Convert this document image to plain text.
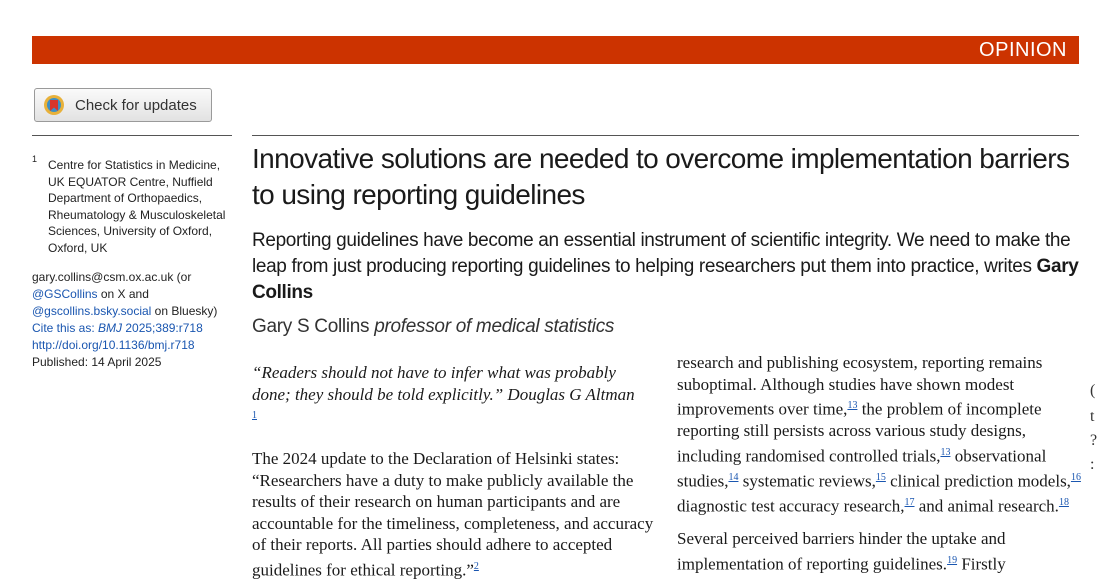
OPINION
Check for updates
1 Centre for Statistics in Medicine, UK EQUATOR Centre, Nuffield Department of Orthopaedics, Rheumatology & Musculoskeletal Sciences, University of Oxford, Oxford, UK
gary.collins@csm.ox.ac.uk (or
@GSCollins on X and
@gscollins.bsky.social on Bluesky)
Cite this as: BMJ 2025;389:r718
http://doi.org/10.1136/bmj.r718
Published: 14 April 2025
Innovative solutions are needed to overcome implementation barriers to using reporting guidelines
Reporting guidelines have become an essential instrument of scientific integrity. We need to make the leap from just producing reporting guidelines to helping researchers put them into practice, writes Gary Collins
Gary S Collins professor of medical statistics
“Readers should not have to infer what was probably done; they should be told explicitly.” Douglas G Altman
$^1$

The 2024 update to the Declaration of Helsinki states: “Researchers have a duty to make publicly available the results of their research on human participants and are accountable for the timeliness, completeness, and accuracy of their reports. All parties should adhere to accepted guidelines for ethical reporting.”$^2$

research and publishing ecosystem, reporting remains suboptimal. Although studies have shown modest improvements over time,$^{13}$ the problem of incomplete reporting still persists across various study designs, including randomised controlled trials,$^{13}$ observational studies,$^{14}$ systematic reviews,$^{15}$ clinical prediction models,$^{16}$ diagnostic test accuracy research,$^{17}$ and animal research.$^{18}$

Several perceived barriers hinder the uptake and implementation of reporting guidelines.$^{19}$ Firstly

(
t
?
:
